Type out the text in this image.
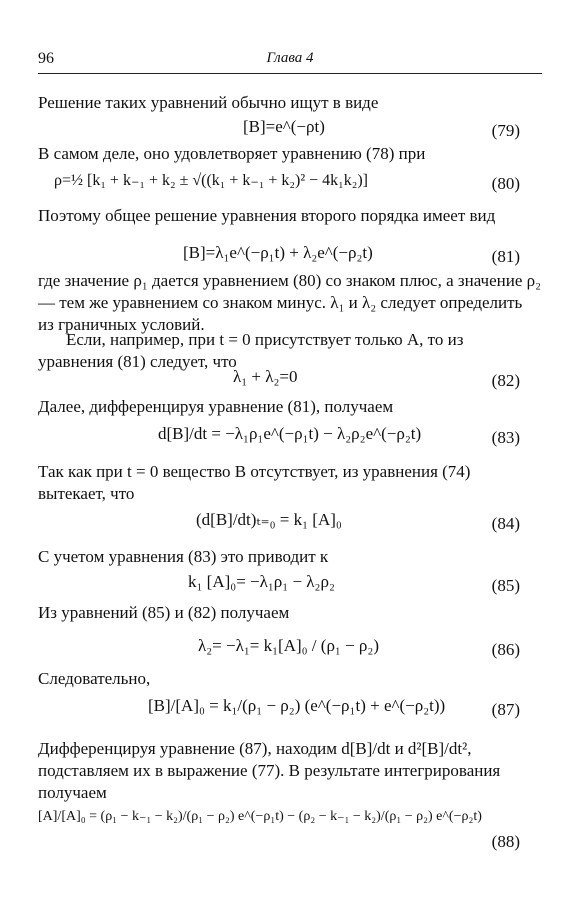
96	Глава 4
Решение таких уравнений обычно ищут в виде
[B]=e^(−ρt)	(79)
В самом деле, оно удовлетворяет уравнению (78) при
ρ=½ [k₁ + k₋₁ + k₂ ± √((k₁ + k₋₁ + k₂)² − 4k₁k₂)]	(80)
Поэтому общее решение уравнения второго порядка имеет вид
[B]=λ₁e^(−ρ₁t) + λ₂e^(−ρ₂t)	(81)
где значение ρ₁ дается уравнением (80) со знаком плюс, а значение ρ₂ — тем же уравнением со знаком минус. λ₁ и λ₂ следует определить из граничных условий.
Если, например, при t = 0 присутствует только А, то из уравнения (81) следует, что
λ₁ + λ₂=0	(82)
Далее, дифференцируя уравнение (81), получаем
d[B]/dt = −λ₁ρ₁e^(−ρ₁t) − λ₂ρ₂e^(−ρ₂t)	(83)
Так как при t = 0 вещество В отсутствует, из уравнения (74) вытекает, что
(d[B]/dt)ₜ₌₀ = k₁ [A]₀	(84)
С учетом уравнения (83) это приводит к
k₁ [A]₀= −λ₁ρ₁ − λ₂ρ₂	(85)
Из уравнений (85) и (82) получаем
λ₂= −λ₁= k₁[A]₀ / (ρ₁ − ρ₂)	(86)
Следовательно,
[B]/[A]₀ = k₁/(ρ₁ − ρ₂) (e^(−ρ₁t) + e^(−ρ₂t))	(87)
Дифференцируя уравнение (87), находим d[B]/dt и d²[B]/dt², подставляем их в выражение (77). В результате интегрирования получаем
[A]/[A]₀ = (ρ₁ − k₋₁ − k₂)/(ρ₁ − ρ₂) e^(−ρ₁t) − (ρ₂ − k₋₁ − k₂)/(ρ₁ − ρ₂) e^(−ρ₂t)
(88)
